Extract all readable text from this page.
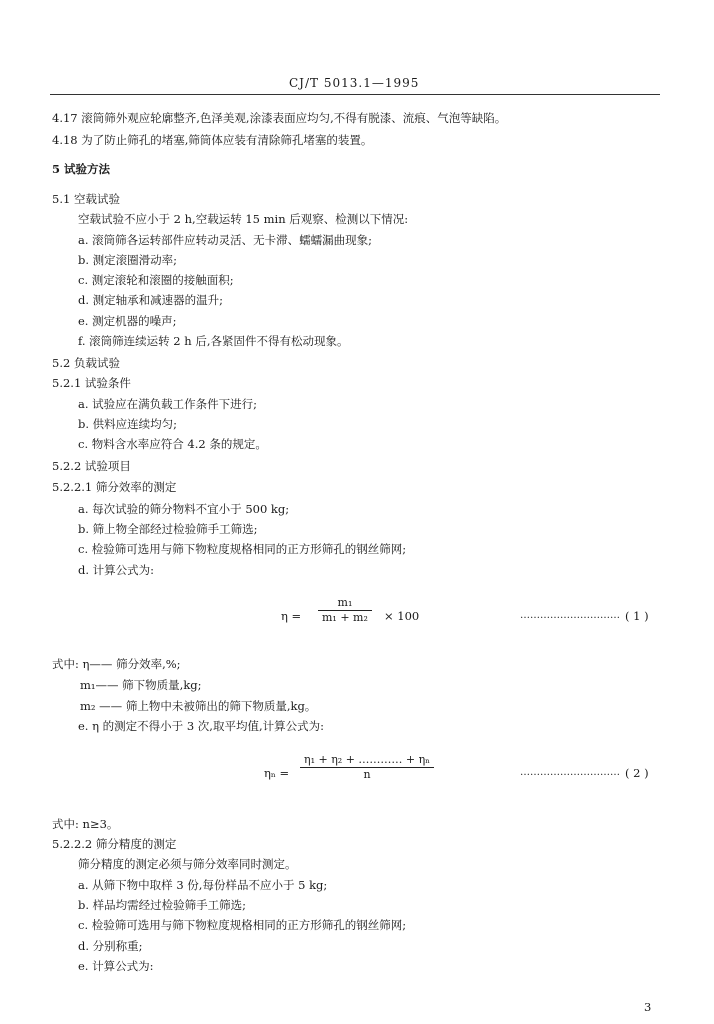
CJ/T 5013.1—1995
4.17 滚筒筛外观应轮廓整齐,色泽美观,涂漆表面应均匀,不得有脱漆、流痕、气泡等缺陷。
4.18 为了防止筛孔的堵塞,筛筒体应装有清除筛孔堵塞的装置。
5 试验方法
5.1 空载试验
空载试验不应小于 2 h,空载运转 15 min 后观察、检测以下情况:
a. 滚筒筛各运转部件应转动灵活、无卡滞、蠕蠕漏曲现象;
b. 测定滚圈滑动率;
c. 测定滚轮和滚圈的接触面积;
d. 测定轴承和减速器的温升;
e. 测定机器的噪声;
f. 滚筒筛连续运转 2 h 后,各紧固件不得有松动现象。
5.2 负载试验
5.2.1 试验条件
a. 试验应在满负载工作条件下进行;
b. 供料应连续均匀;
c. 物料含水率应符合 4.2 条的规定。
5.2.2 试验项目
5.2.2.1 筛分效率的测定
a. 每次试验的筛分物料不宜小于 500 kg;
b. 筛上物全部经过检验筛手工筛选;
c. 检验筛可选用与筛下物粒度规格相同的正方形筛孔的钢丝筛网;
d. 计算公式为:
$\eta = \frac{\text{m₁}}{\text{m₁ + m₂}} \times 100$	………………………… ( 1 )
式中: η—— 筛分效率,%;
m₁—— 筛下物质量,kg;
m₂ —— 筛上物中未被筛出的筛下物质量,kg。
e. η 的测定不得小于 3 次,取平均值,计算公式为:
$\eta_n = \frac{\text{η₁ + η₂ + ………… + ηₙ}}{n}$	………………………… ( 2 )
式中: n≥3。
5.2.2.2 筛分精度的测定
筛分精度的测定必须与筛分效率同时测定。
a. 从筛下物中取样 3 份,每份样品不应小于 5 kg;
b. 样品均需经过检验筛手工筛选;
c. 检验筛可选用与筛下物粒度规格相同的正方形筛孔的钢丝筛网;
d. 分别称重;
e. 计算公式为:
3
